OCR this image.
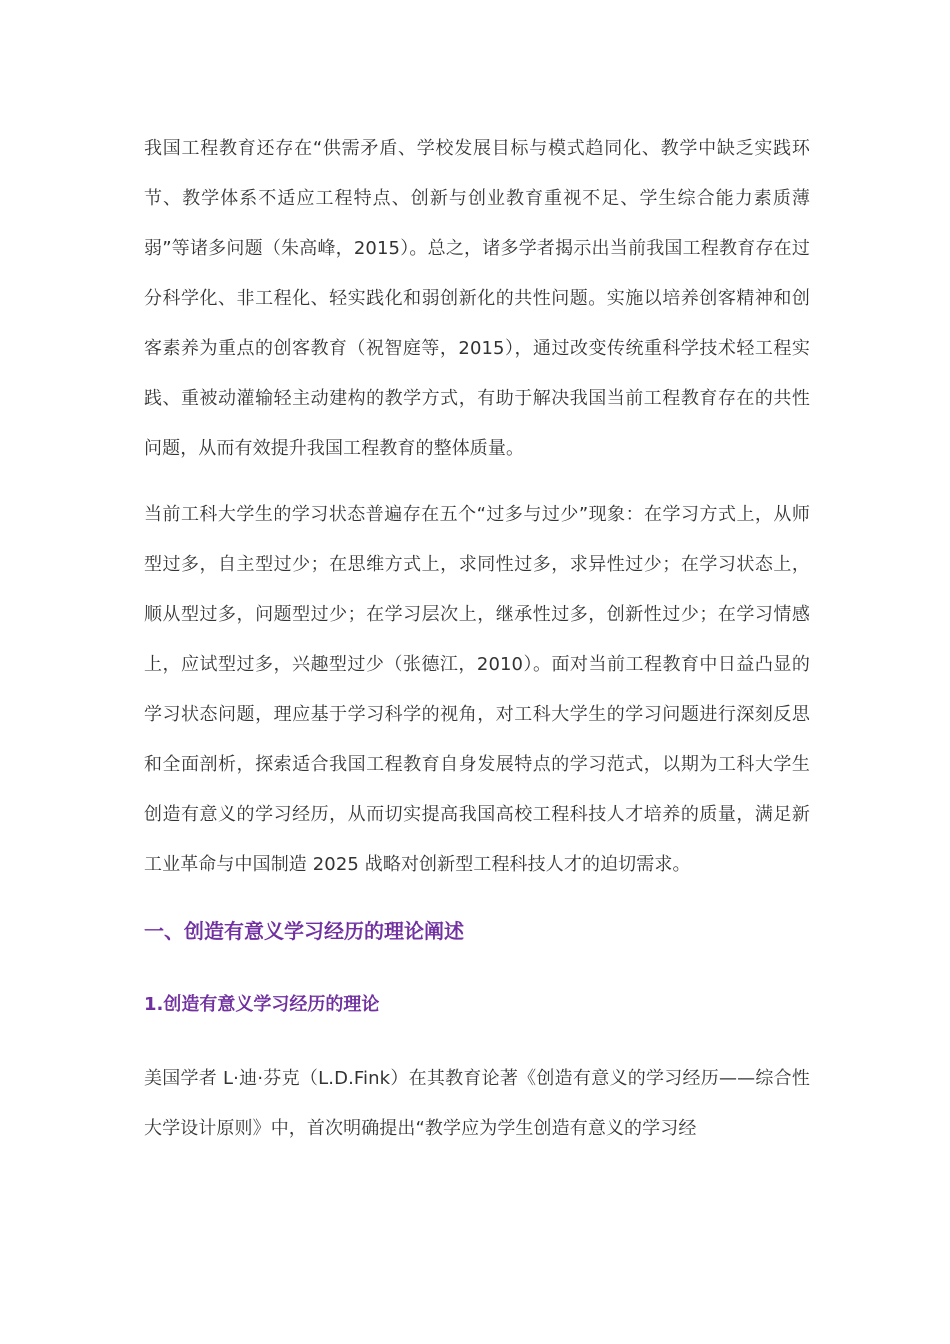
我国工程教育还存在“供需矛盾、学校发展目标与模式趋同化、教学中缺乏实践环节、教学体系不适应工程特点、创新与创业教育重视不足、学生综合能力素质薄弱”等诸多问题（朱高峰，2015）。总之，诸多学者揭示出当前我国工程教育存在过分科学化、非工程化、轻实践化和弱创新化的共性问题。实施以培养创客精神和创客素养为重点的创客教育（祝智庭等，2015），通过改变传统重科学技术轻工程实践、重被动灌输轻主动建构的教学方式，有助于解决我国当前工程教育存在的共性问题，从而有效提升我国工程教育的整体质量。

当前工科大学生的学习状态普遍存在五个“过多与过少”现象：在学习方式上，从师型过多，自主型过少；在思维方式上，求同性过多，求异性过少；在学习状态上，顺从型过多，问题型过少；在学习层次上，继承性过多，创新性过少；在学习情感上，应试型过多，兴趣型过少（张德江，2010）。面对当前工程教育中日益凸显的学习状态问题，理应基于学习科学的视角，对工科大学生的学习问题进行深刻反思和全面剖析，探索适合我国工程教育自身发展特点的学习范式，以期为工科大学生创造有意义的学习经历，从而切实提高我国高校工程科技人才培养的质量，满足新工业革命与中国制造 2025 战略对创新型工程科技人才的迫切需求。

一、创造有意义学习经历的理论阐述
1.创造有意义学习经历的理论

美国学者 L·迪·芬克（L.D.Fink）在其教育论著《创造有意义的学习经历——综合性大学设计原则》中，首次明确提出“教学应为学生创造有意义的学习经
